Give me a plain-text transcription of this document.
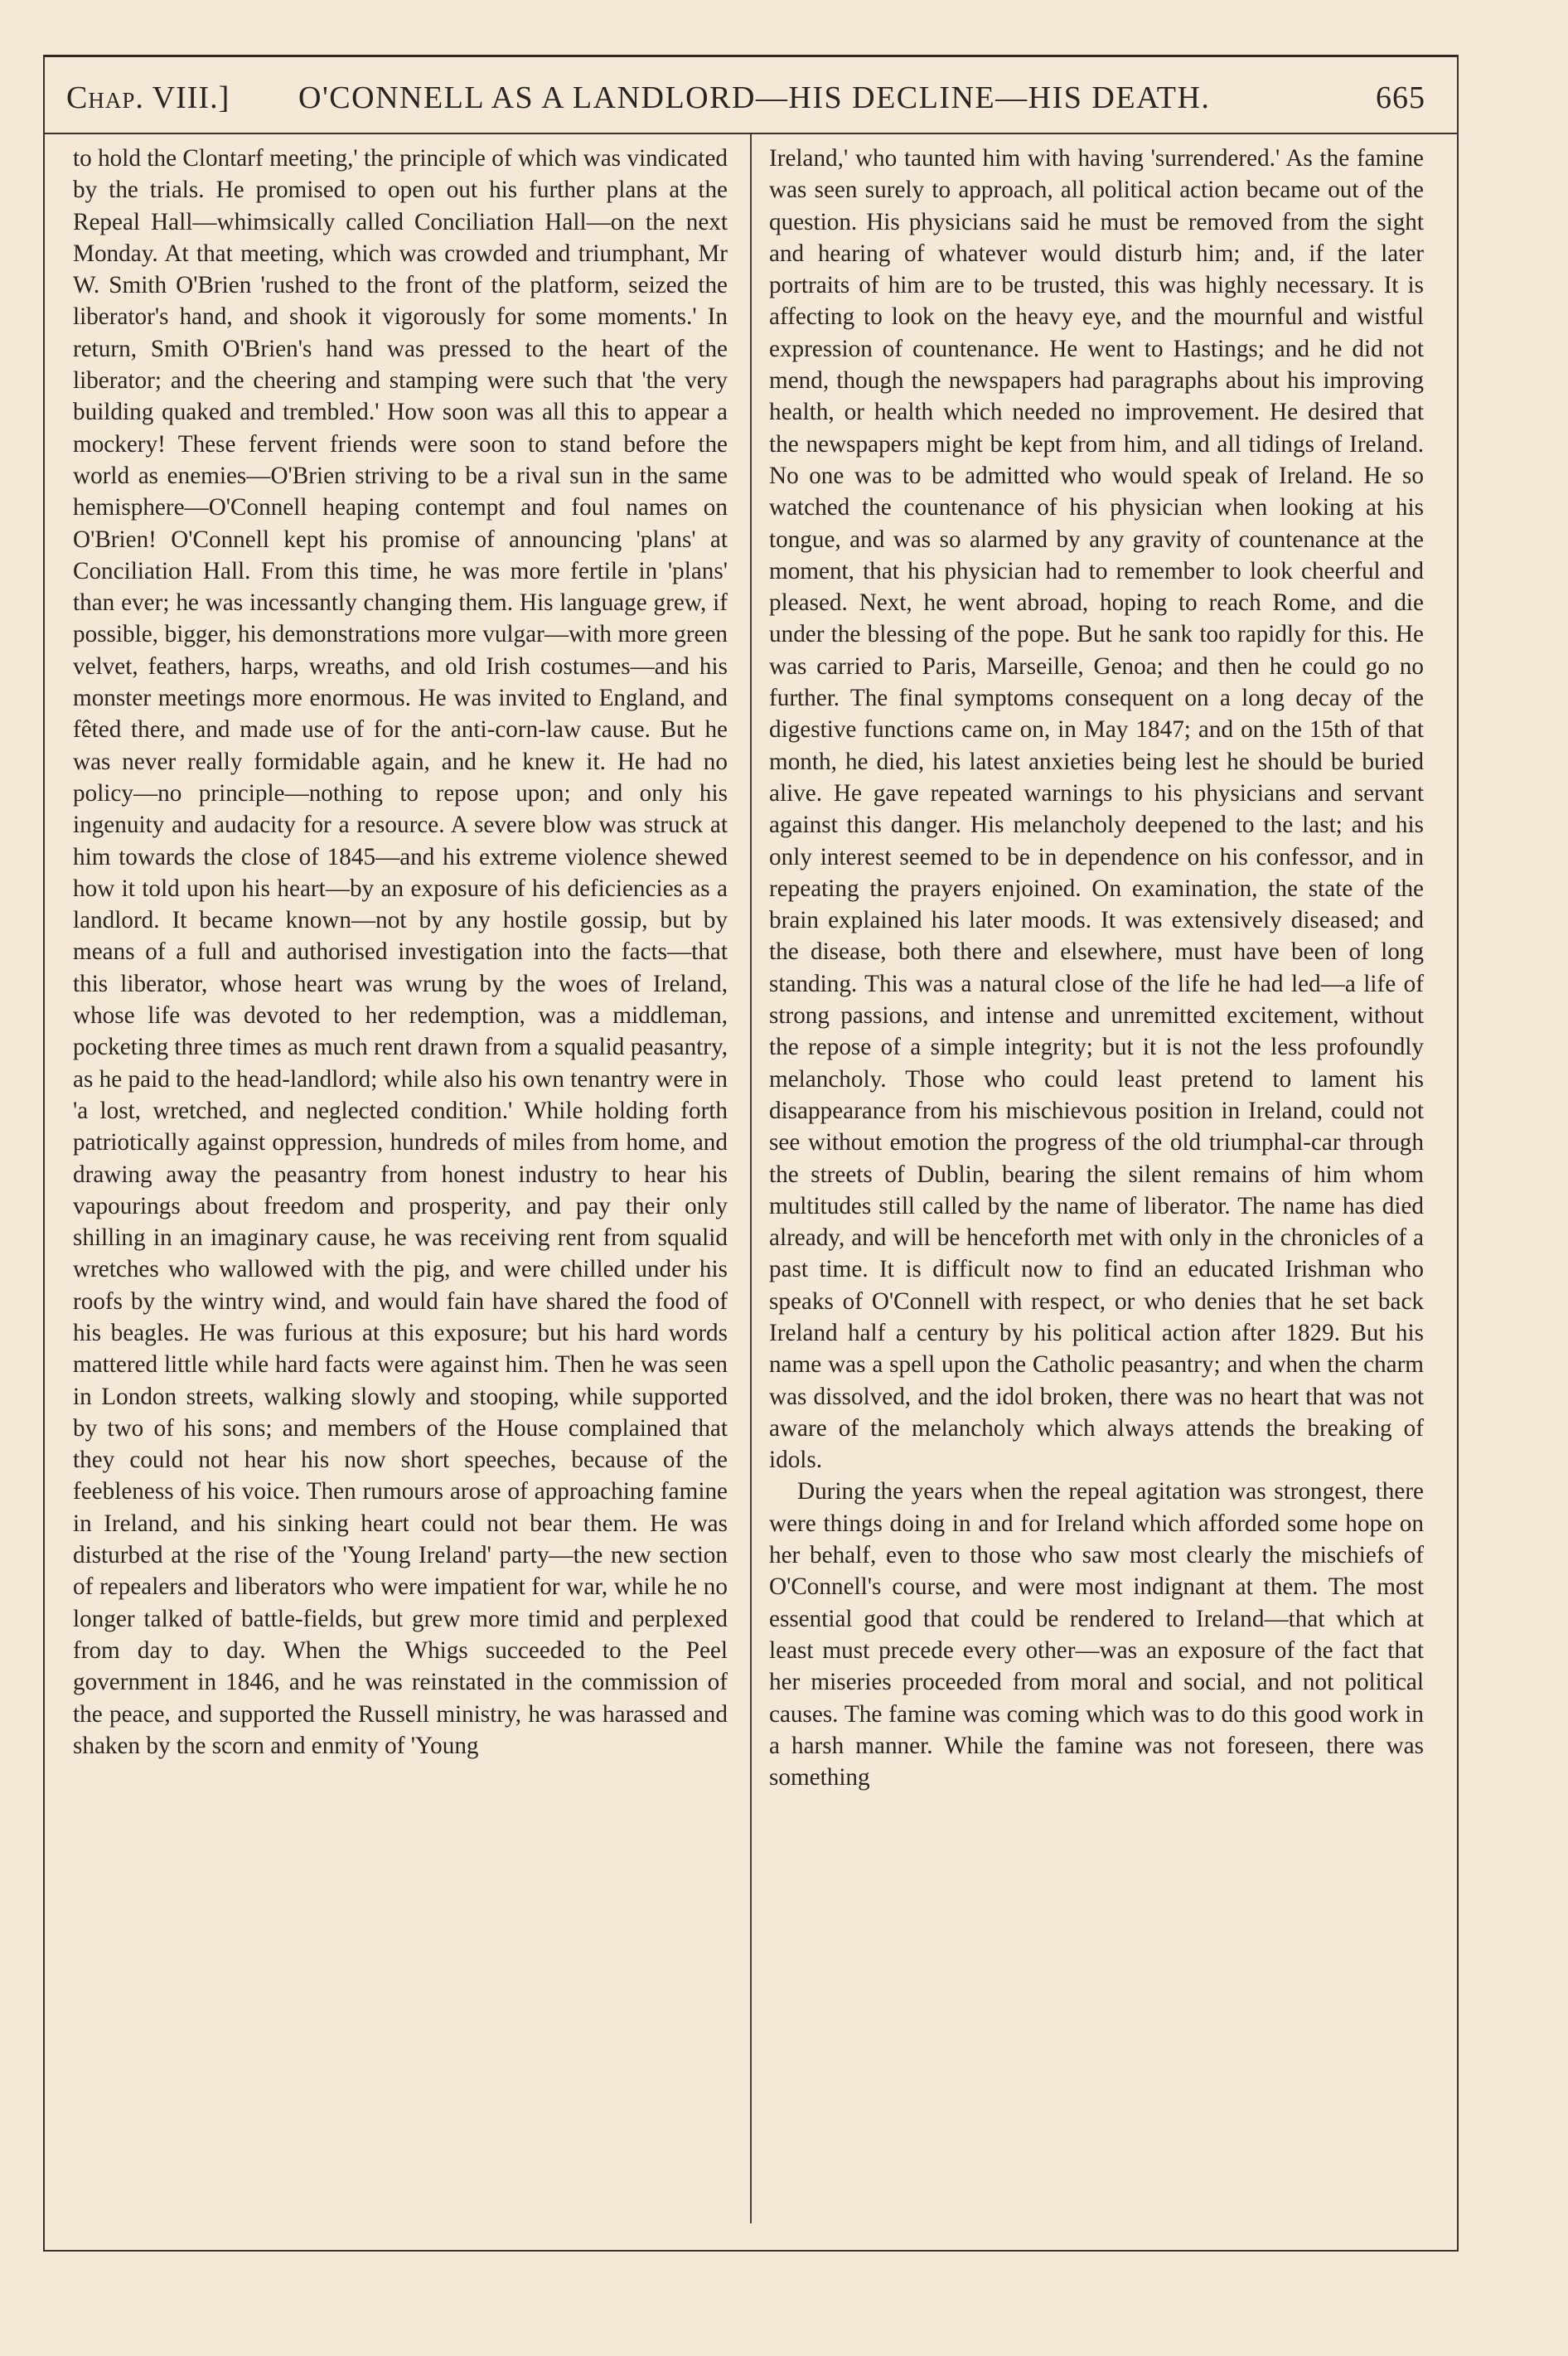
Chap. VIII.] O'CONNELL AS A LANDLORD—HIS DECLINE—HIS DEATH.	665

to hold the Clontarf meeting,' the principle of which was vindicated by the trials. He promised to open out his further plans at the Repeal Hall—whimsically called Conciliation Hall—on the next Monday. At that meeting, which was crowded and triumphant, Mr W. Smith O'Brien 'rushed to the front of the platform, seized the liberator's hand, and shook it vigorously for some moments.' In return, Smith O'Brien's hand was pressed to the heart of the liberator; and the cheering and stamping were such that 'the very building quaked and trembled.' How soon was all this to appear a mockery! These fervent friends were soon to stand before the world as enemies—O'Brien striving to be a rival sun in the same hemisphere—O'Connell heaping contempt and foul names on O'Brien! O'Connell kept his promise of announcing 'plans' at Conciliation Hall. From this time, he was more fertile in 'plans' than ever; he was incessantly changing them. His language grew, if possible, bigger, his demonstrations more vulgar—with more green velvet, feathers, harps, wreaths, and old Irish costumes—and his monster meetings more enormous. He was invited to England, and fêted there, and made use of for the anti-corn-law cause. But he was never really formidable again, and he knew it. He had no policy—no principle—nothing to repose upon; and only his ingenuity and audacity for a resource. A severe blow was struck at him towards the close of 1845—and his extreme violence shewed how it told upon his heart—by an exposure of his deficiencies as a landlord. It became known—not by any hostile gossip, but by means of a full and authorised investigation into the facts—that this liberator, whose heart was wrung by the woes of Ireland, whose life was devoted to her redemption, was a middleman, pocketing three times as much rent drawn from a squalid peasantry, as he paid to the head-landlord; while also his own tenantry were in 'a lost, wretched, and neglected condition.' While holding forth patriotically against oppression, hundreds of miles from home, and drawing away the peasantry from honest industry to hear his vapourings about freedom and prosperity, and pay their only shilling in an imaginary cause, he was receiving rent from squalid wretches who wallowed with the pig, and were chilled under his roofs by the wintry wind, and would fain have shared the food of his beagles. He was furious at this exposure; but his hard words mattered little while hard facts were against him. Then he was seen in London streets, walking slowly and stooping, while supported by two of his sons; and members of the House complained that they could not hear his now short speeches, because of the feebleness of his voice. Then rumours arose of approaching famine in Ireland, and his sinking heart could not bear them. He was disturbed at the rise of the 'Young Ireland' party—the new section of repealers and liberators who were impatient for war, while he no longer talked of battle-fields, but grew more timid and perplexed from day to day. When the Whigs succeeded to the Peel government in 1846, and he was reinstated in the commission of the peace, and supported the Russell ministry, he was harassed and shaken by the scorn and enmity of 'Young

Ireland,' who taunted him with having 'surrendered.' As the famine was seen surely to approach, all political action became out of the question. His physicians said he must be removed from the sight and hearing of whatever would disturb him; and, if the later portraits of him are to be trusted, this was highly necessary. It is affecting to look on the heavy eye, and the mournful and wistful expression of countenance. He went to Hastings; and he did not mend, though the newspapers had paragraphs about his improving health, or health which needed no improvement. He desired that the newspapers might be kept from him, and all tidings of Ireland. No one was to be admitted who would speak of Ireland. He so watched the countenance of his physician when looking at his tongue, and was so alarmed by any gravity of countenance at the moment, that his physician had to remember to look cheerful and pleased. Next, he went abroad, hoping to reach Rome, and die under the blessing of the pope. But he sank too rapidly for this. He was carried to Paris, Marseille, Genoa; and then he could go no further. The final symptoms consequent on a long decay of the digestive functions came on, in May 1847; and on the 15th of that month, he died, his latest anxieties being lest he should be buried alive. He gave repeated warnings to his physicians and servant against this danger. His melancholy deepened to the last; and his only interest seemed to be in dependence on his confessor, and in repeating the prayers enjoined. On examination, the state of the brain explained his later moods. It was extensively diseased; and the disease, both there and elsewhere, must have been of long standing. This was a natural close of the life he had led—a life of strong passions, and intense and unremitted excitement, without the repose of a simple integrity; but it is not the less profoundly melancholy. Those who could least pretend to lament his disappearance from his mischievous position in Ireland, could not see without emotion the progress of the old triumphal-car through the streets of Dublin, bearing the silent remains of him whom multitudes still called by the name of liberator. The name has died already, and will be henceforth met with only in the chronicles of a past time. It is difficult now to find an educated Irishman who speaks of O'Connell with respect, or who denies that he set back Ireland half a century by his political action after 1829. But his name was a spell upon the Catholic peasantry; and when the charm was dissolved, and the idol broken, there was no heart that was not aware of the melancholy which always attends the breaking of idols.

During the years when the repeal agitation was strongest, there were things doing in and for Ireland which afforded some hope on her behalf, even to those who saw most clearly the mischiefs of O'Connell's course, and were most indignant at them. The most essential good that could be rendered to Ireland—that which at least must precede every other—was an exposure of the fact that her miseries proceeded from moral and social, and not political causes. The famine was coming which was to do this good work in a harsh manner. While the famine was not foreseen, there was something
